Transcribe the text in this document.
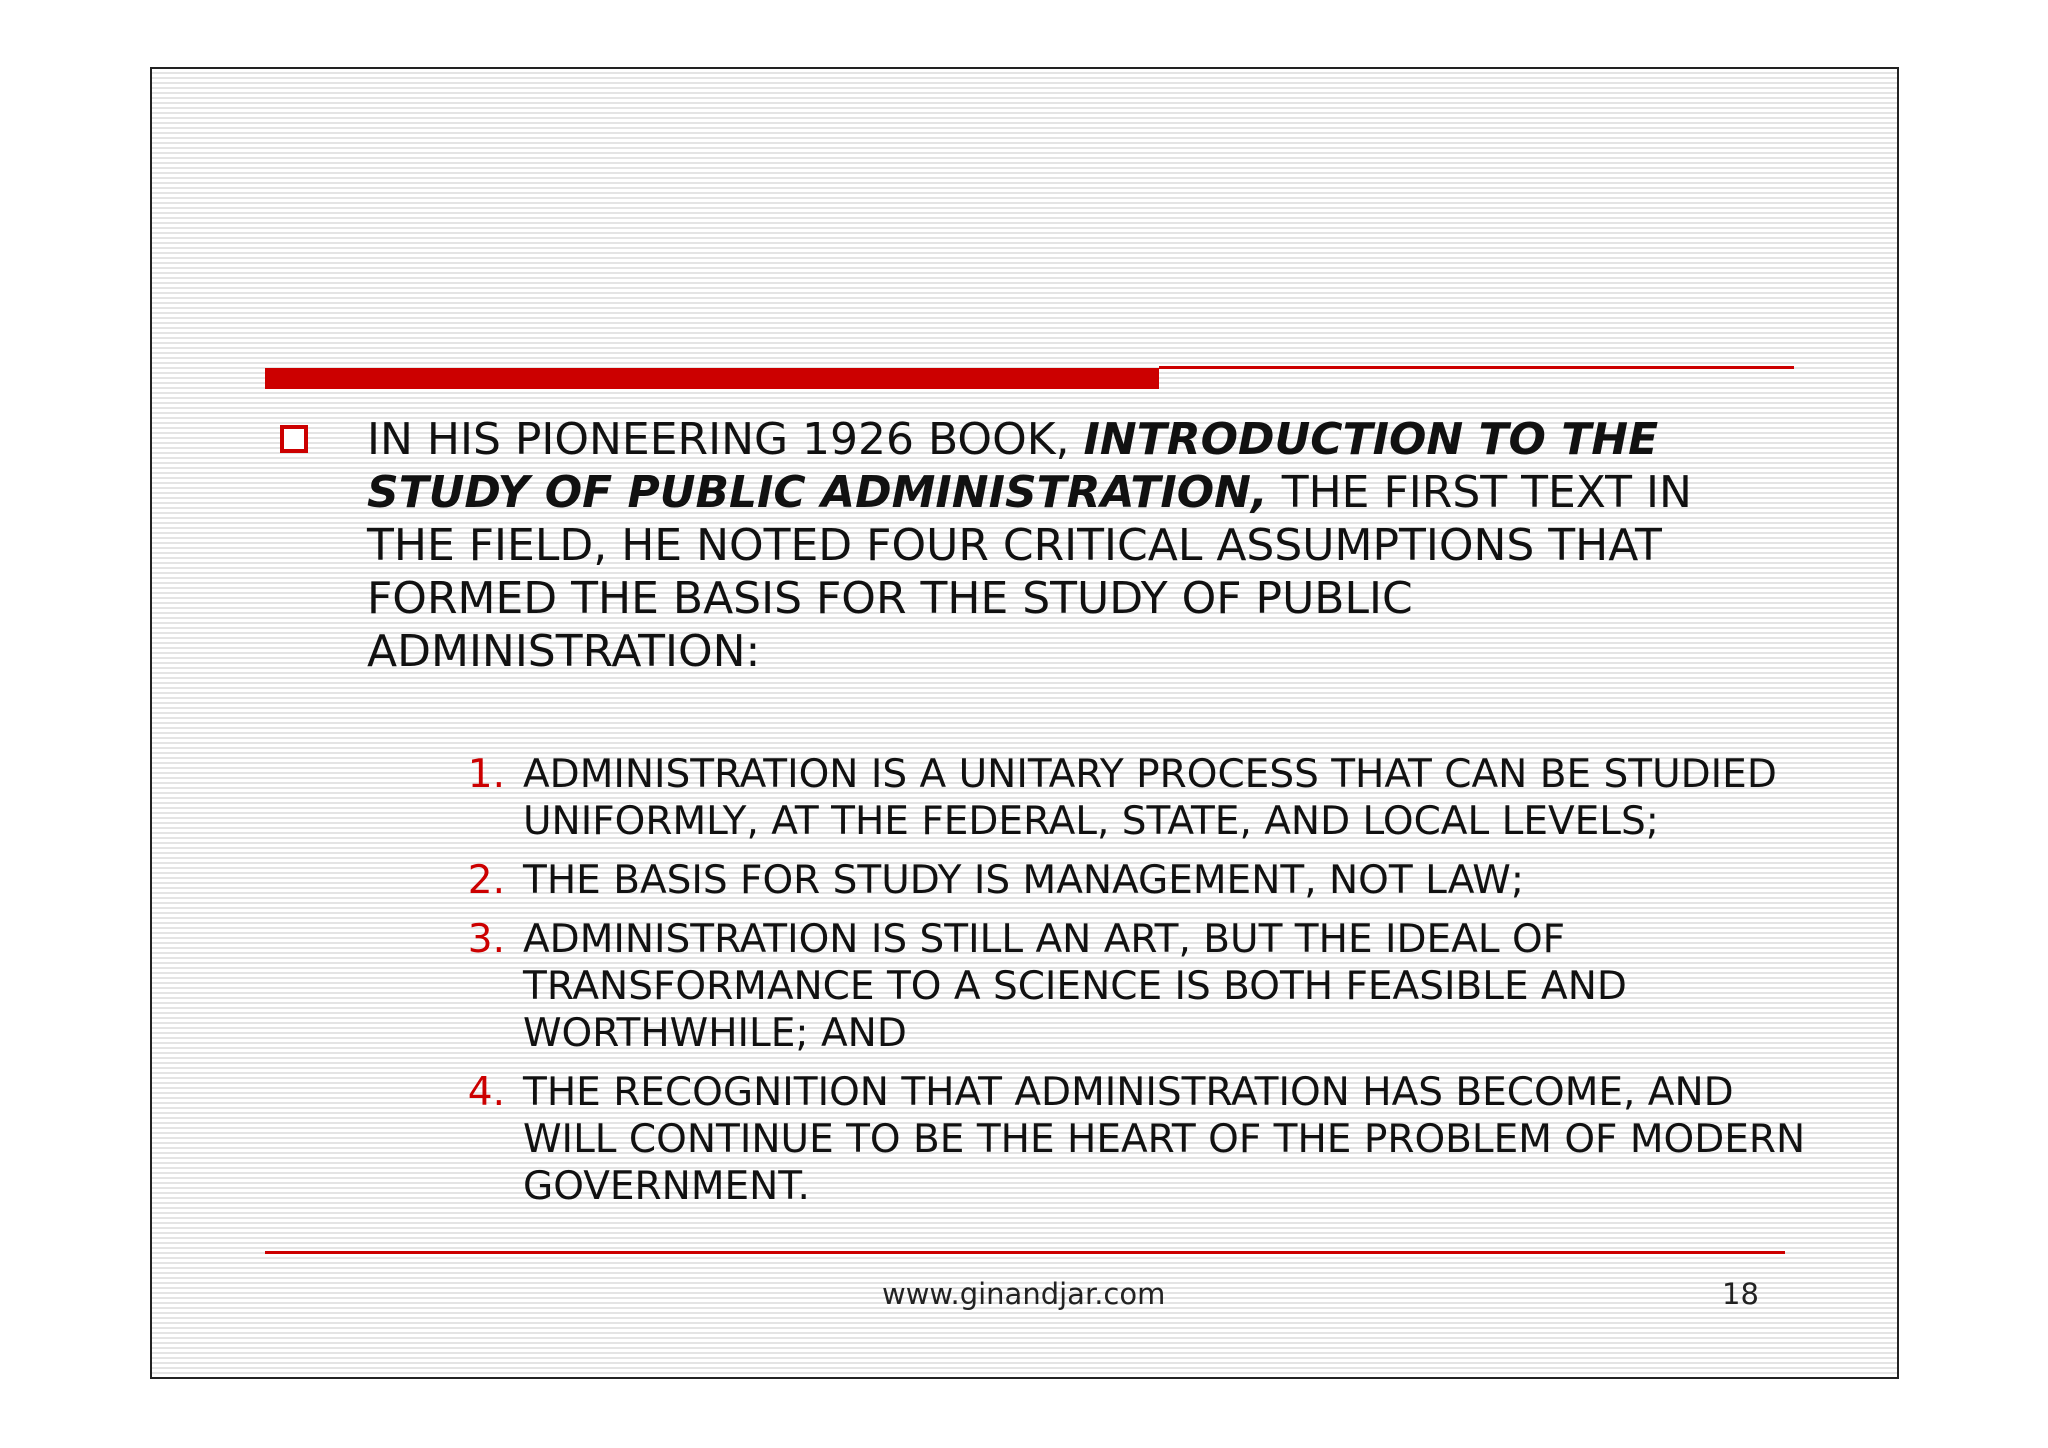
IN HIS PIONEERING 1926 BOOK, INTRODUCTION TO THE STUDY OF PUBLIC ADMINISTRATION, THE FIRST TEXT IN THE FIELD, HE NOTED FOUR CRITICAL ASSUMPTIONS THAT FORMED THE BASIS FOR THE STUDY OF PUBLIC ADMINISTRATION:

1. ADMINISTRATION IS A UNITARY PROCESS THAT CAN BE STUDIED UNIFORMLY, AT THE FEDERAL, STATE, AND LOCAL LEVELS;
2. THE BASIS FOR STUDY IS MANAGEMENT, NOT LAW;
3. ADMINISTRATION IS STILL AN ART, BUT THE IDEAL OF TRANSFORMANCE TO A SCIENCE IS BOTH FEASIBLE AND WORTHWHILE; AND
4. THE RECOGNITION THAT ADMINISTRATION HAS BECOME, AND WILL CONTINUE TO BE THE HEART OF THE PROBLEM OF MODERN GOVERNMENT.
www.ginandjar.com	18
